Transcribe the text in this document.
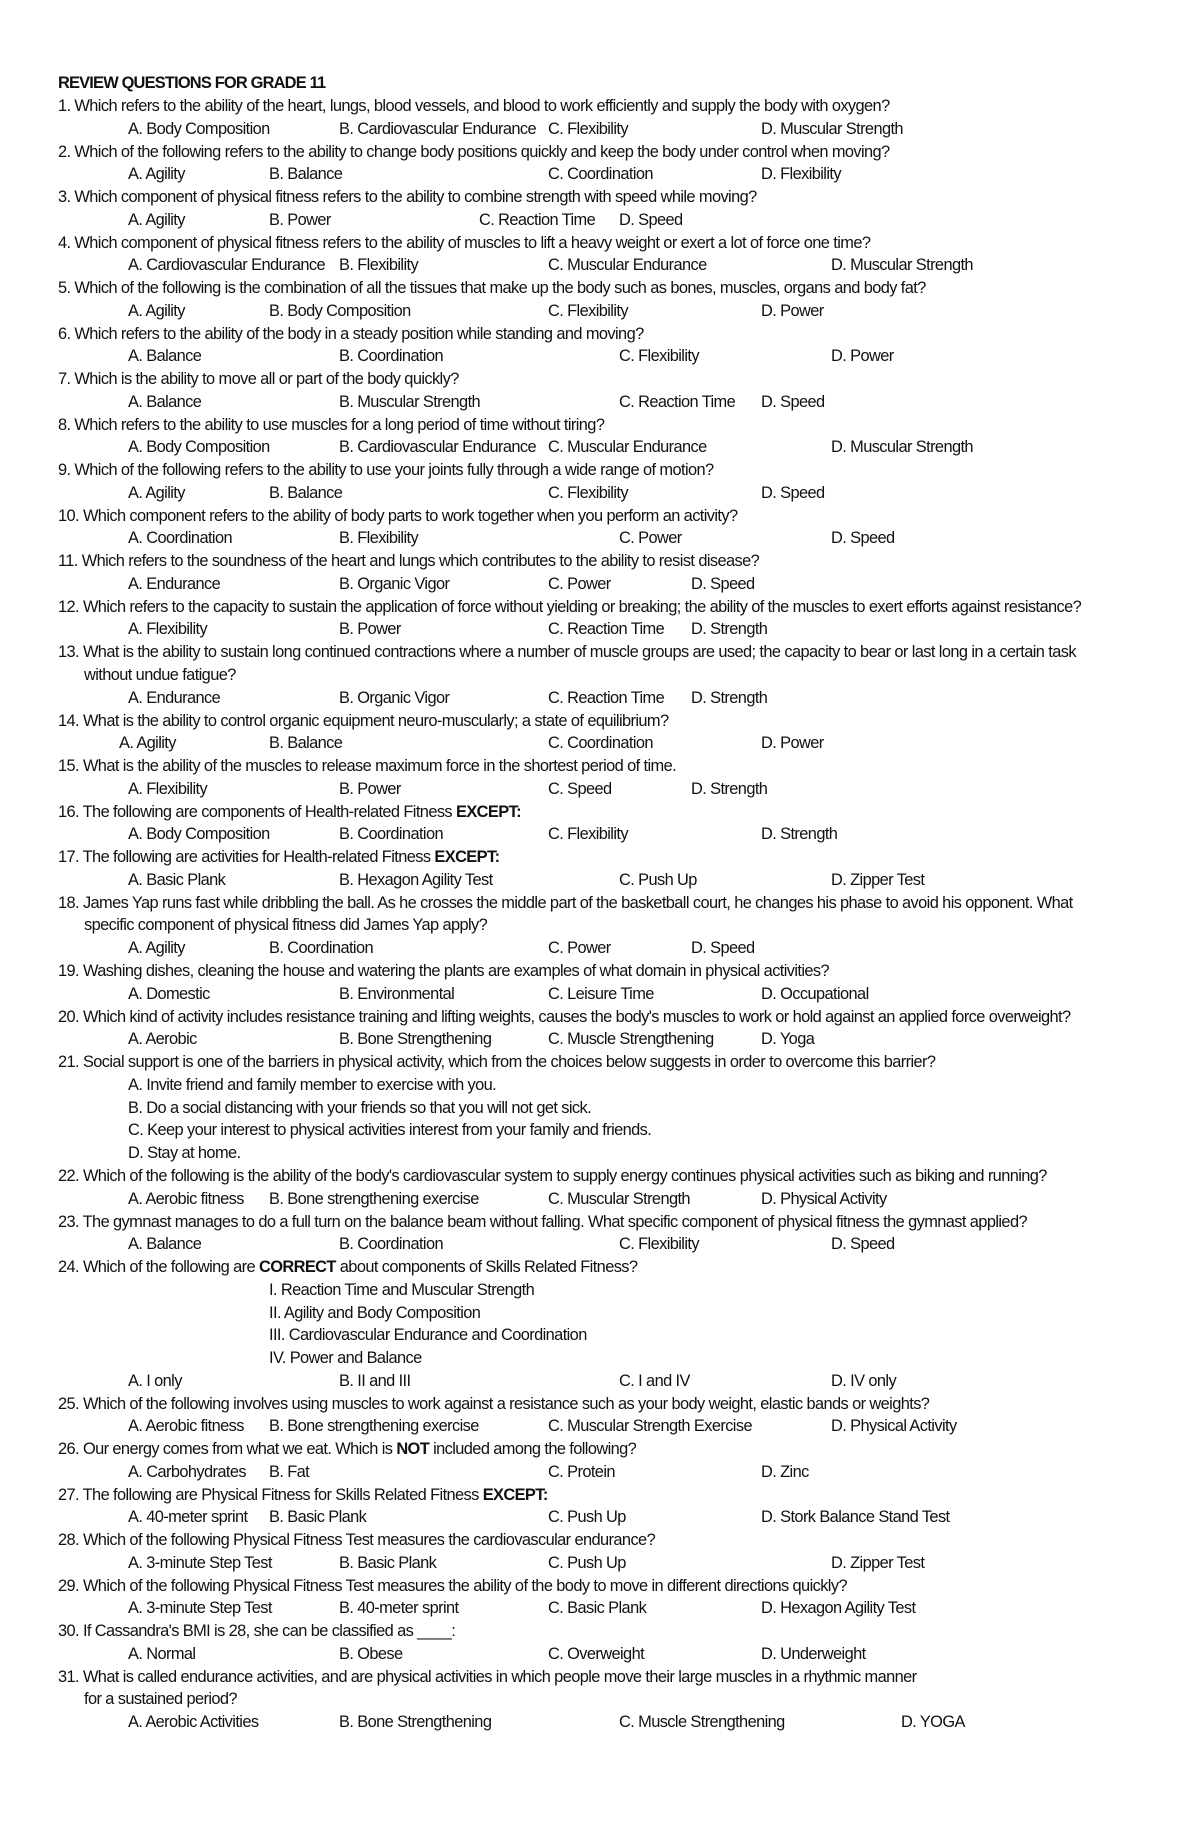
REVIEW QUESTIONS FOR GRADE 11
1. Which refers to the ability of the heart, lungs, blood vessels, and blood to work efficiently and supply the body with oxygen?
A. Body Composition	B. Cardiovascular Endurance C. Flexibility	D. Muscular Strength
2. Which of the following refers to the ability to change body positions quickly and keep the body under control when moving?
A. Agility	B. Balance	C. Coordination	D. Flexibility
3. Which component of physical fitness refers to the ability to combine strength with speed while moving?
A. Agility	B. Power	C. Reaction Time D. Speed
4. Which component of physical fitness refers to the ability of muscles to lift a heavy weight or exert a lot of force one time?
A. Cardiovascular Endurance B. Flexibility	C. Muscular Endurance	D. Muscular Strength
5. Which of the following is the combination of all the tissues that make up the body such as bones, muscles, organs and body fat?
A. Agility	B. Body Composition	C. Flexibility	D. Power
6. Which refers to the ability of the body in a steady position while standing and moving?
A. Balance	B. Coordination	C. Flexibility	D. Power
7. Which is the ability to move all or part of the body quickly?
A. Balance	B. Muscular Strength	C. Reaction Time D. Speed
8. Which refers to the ability to use muscles for a long period of time without tiring?
A. Body Composition	B. Cardiovascular Endurance C. Muscular Endurance	D. Muscular Strength
9. Which of the following refers to the ability to use your joints fully through a wide range of motion?
A. Agility	B. Balance	C. Flexibility	D. Speed
10. Which component refers to the ability of body parts to work together when you perform an activity?
A. Coordination	B. Flexibility	C. Power	D. Speed
11. Which refers to the soundness of the heart and lungs which contributes to the ability to resist disease?
A. Endurance	B. Organic Vigor	C. Power	D. Speed
12. Which refers to the capacity to sustain the application of force without yielding or breaking; the ability of the muscles to exert efforts against resistance?
A. Flexibility	B. Power	C. Reaction Time D. Strength
13. What is the ability to sustain long continued contractions where a number of muscle groups are used; the capacity to bear or last long in a certain task
without undue fatigue?
A. Endurance	B. Organic Vigor	C. Reaction Time D. Strength
14. What is the ability to control organic equipment neuro-muscularly; a state of equilibrium?
A. Agility	B. Balance	C. Coordination	D. Power
15. What is the ability of the muscles to release maximum force in the shortest period of time.
A. Flexibility	B. Power	C. Speed	D. Strength
16. The following are components of Health-related Fitness EXCEPT:
A. Body Composition	B. Coordination	C. Flexibility	D. Strength
17. The following are activities for Health-related Fitness EXCEPT:
A. Basic Plank	B. Hexagon Agility Test	C. Push Up	D. Zipper Test
18. James Yap runs fast while dribbling the ball. As he crosses the middle part of the basketball court, he changes his phase to avoid his opponent. What
specific component of physical fitness did James Yap apply?
A. Agility	B. Coordination	C. Power	D. Speed
19. Washing dishes, cleaning the house and watering the plants are examples of what domain in physical activities?
A. Domestic	B. Environmental	C. Leisure Time	D. Occupational
20. Which kind of activity includes resistance training and lifting weights, causes the body's muscles to work or hold against an applied force overweight?
A. Aerobic	B. Bone Strengthening	C. Muscle Strengthening	D. Yoga
21. Social support is one of the barriers in physical activity, which from the choices below suggests in order to overcome this barrier?
A. Invite friend and family member to exercise with you.
B. Do a social distancing with your friends so that you will not get sick.
C. Keep your interest to physical activities interest from your family and friends.
D. Stay at home.
22. Which of the following is the ability of the body's cardiovascular system to supply energy continues physical activities such as biking and running?
A. Aerobic fitness B. Bone strengthening exercise	C. Muscular Strength	D. Physical Activity
23. The gymnast manages to do a full turn on the balance beam without falling. What specific component of physical fitness the gymnast applied?
A. Balance	B. Coordination	C. Flexibility	D. Speed
24. Which of the following are CORRECT about components of Skills Related Fitness?
I. Reaction Time and Muscular Strength
II. Agility and Body Composition
III. Cardiovascular Endurance and Coordination
IV. Power and Balance
A. I only	B. II and III	C. I and IV	D. IV only
25. Which of the following involves using muscles to work against a resistance such as your body weight, elastic bands or weights?
A. Aerobic fitness B. Bone strengthening exercise	C. Muscular Strength Exercise	D. Physical Activity
26. Our energy comes from what we eat. Which is NOT included among the following?
A. Carbohydrates B. Fat	C. Protein	D. Zinc
27. The following are Physical Fitness for Skills Related Fitness EXCEPT:
A. 40-meter sprint B. Basic Plank	C. Push Up	D. Stork Balance Stand Test
28. Which of the following Physical Fitness Test measures the cardiovascular endurance?
A. 3-minute Step Test	B. Basic Plank	C. Push Up	D. Zipper Test
29. Which of the following Physical Fitness Test measures the ability of the body to move in different directions quickly?
A. 3-minute Step Test	B. 40-meter sprint	C. Basic Plank	D. Hexagon Agility Test
30. If Cassandra's BMI is 28, she can be classified as ____:
A. Normal	B. Obese	C. Overweight	D. Underweight
31. What is called endurance activities, and are physical activities in which people move their large muscles in a rhythmic manner
for a sustained period?
A. Aerobic Activities	B. Bone Strengthening	C. Muscle Strengthening	D. YOGA
